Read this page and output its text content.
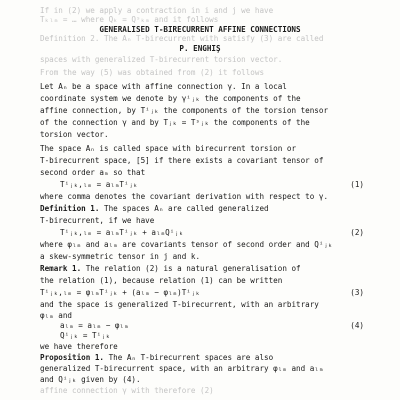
If in (2) we apply a contraction in i and j we have
Tₖₗₘ = … where Qₖ = Qˢₖₘ and it follows
GENERALISED T-BIRECURRENT AFFINE CONNECTIONS
Definition 2. The Aₙ T-birecurrent with satisfy (3) are called
P. ENGHIŞ
spaces with generalized T-birecurrent torsion vector.
From the way (5) was obtained from (2) it follows
Let Aₙ be a space with affine connection γ. In a local
coordinate system we denote by γⁱⱼₖ the components of the
affine connection, by Tⁱⱼₖ the components of the torsion tensor
of the connection γ and by Tⱼₖ = Tˢⱼₖ the components of the
torsion vector.
The space Aₙ is called space with birecurrent torsion or
T-birecurrent space, [5] if there exists a covariant tensor of
second order aₘ so that
Tⁱⱼₖ,ₗₘ = aₗₘTⁱⱼₖ	(1)
where comma denotes the covariant derivation with respect to γ.
Definition 1. The spaces Aₙ are called generalized
T-birecurrent, if we have
Tⁱⱼₖ,ₗₘ = aₗₘTⁱⱼₖ + aₗₘQⁱⱼₖ	(2)
where φₗₘ and aₗₘ are covariants tensor of second order and Qⁱⱼₖ
a skew-symmetric tensor in j and k.
Remark 1. The relation (2) is a natural generalisation of
the relation (1), because relation (1) can be written
Tⁱⱼₖ,ₗₘ = φₗₘTⁱⱼₖ + (aₗₘ − φₗₘ)Tⁱⱼₖ	(3)
and the space is generalized T-birecurrent, with an arbitrary
φₗₘ and
aₗₘ = aₗₘ − φₗₘ	(4)
Qⁱⱼₖ = Tⁱⱼₖ
we have therefore
Proposition 1. The Aₙ T-birecurrent spaces are also
generalized T-birecurrent space, with an arbitrary φₗₘ and aₗₘ
and Qⁱⱼₖ given by (4).
affine connection γ with therefore (2)
